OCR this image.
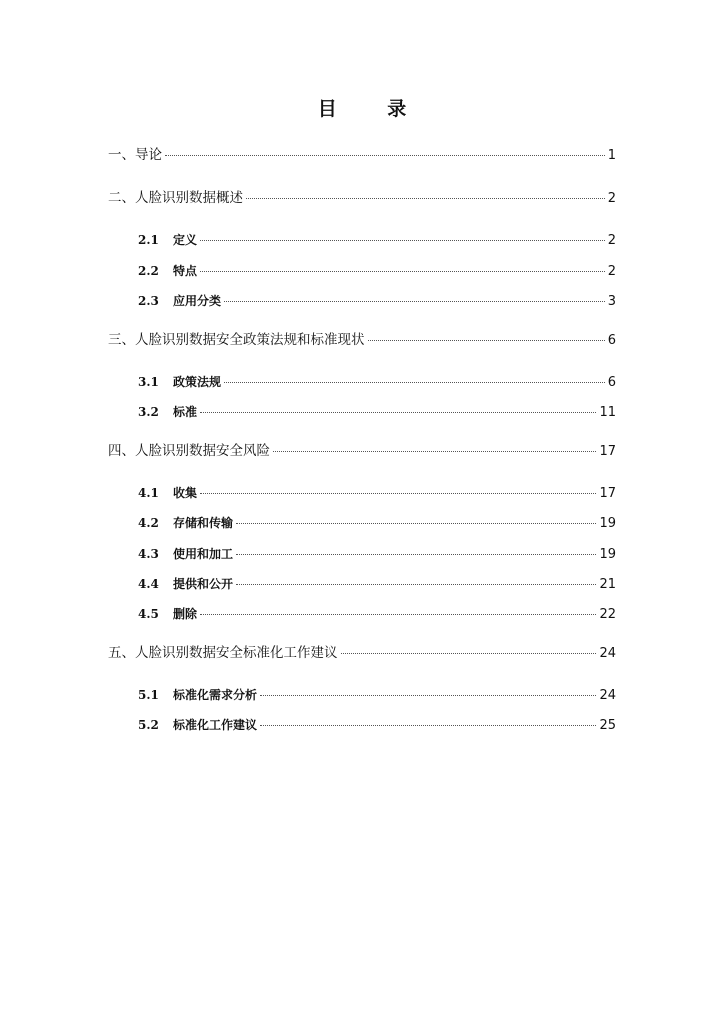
目 录
一、 导论	1
二、 人脸识别数据概述	2
2.1	定义	2
2.2	特点	2
2.3	应用分类	3
三、 人脸识别数据安全政策法规和标准现状	6
3.1	政策法规	6
3.2	标准	11
四、 人脸识别数据安全风险	17
4.1	收集	17
4.2	存储和传输	19
4.3	使用和加工	19
4.4	提供和公开	21
4.5	删除	22
五、 人脸识别数据安全标准化工作建议	24
5.1	标准化需求分析	24
5.2	标准化工作建议	25
